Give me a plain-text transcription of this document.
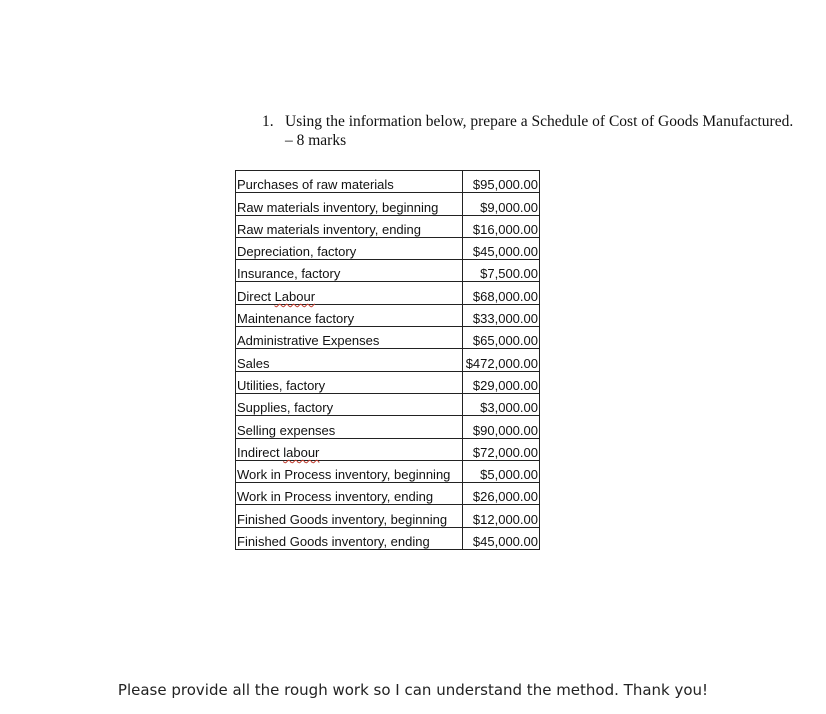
1. Using the information below, prepare a Schedule of Cost of Goods Manufactured.
– 8 marks
Purchases of raw materials	$95,000.00
Raw materials inventory, beginning	$9,000.00
Raw materials inventory, ending	$16,000.00
Depreciation, factory	$45,000.00
Insurance, factory	$7,500.00
Direct Labour	$68,000.00
Maintenance factory	$33,000.00
Administrative Expenses	$65,000.00
Sales	$472,000.00
Utilities, factory	$29,000.00
Supplies, factory	$3,000.00
Selling expenses	$90,000.00
Indirect labour	$72,000.00
Work in Process inventory, beginning	$5,000.00
Work in Process inventory, ending	$26,000.00
Finished Goods inventory, beginning	$12,000.00
Finished Goods inventory, ending	$45,000.00
Please provide all the rough work so I can understand the method. Thank you!
